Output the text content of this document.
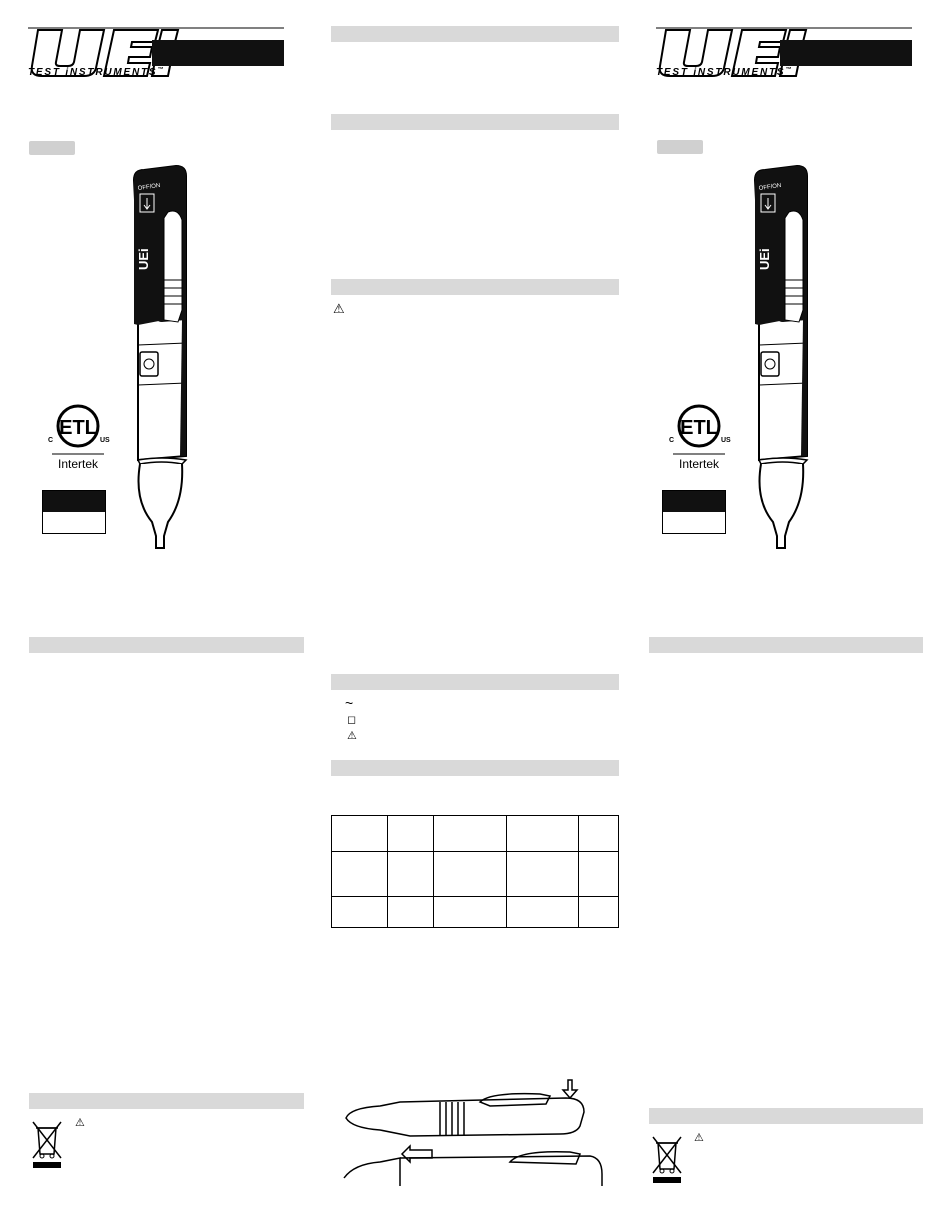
TEST iNSTRUMENTS™
OFF/ON
UEi
ETL
C	US
Intertek
⚠
⚠
~
◻
⚠

TEST iNSTRUMENTS™
OFF/ON
UEi
ETL
C	US
Intertek
⚠
